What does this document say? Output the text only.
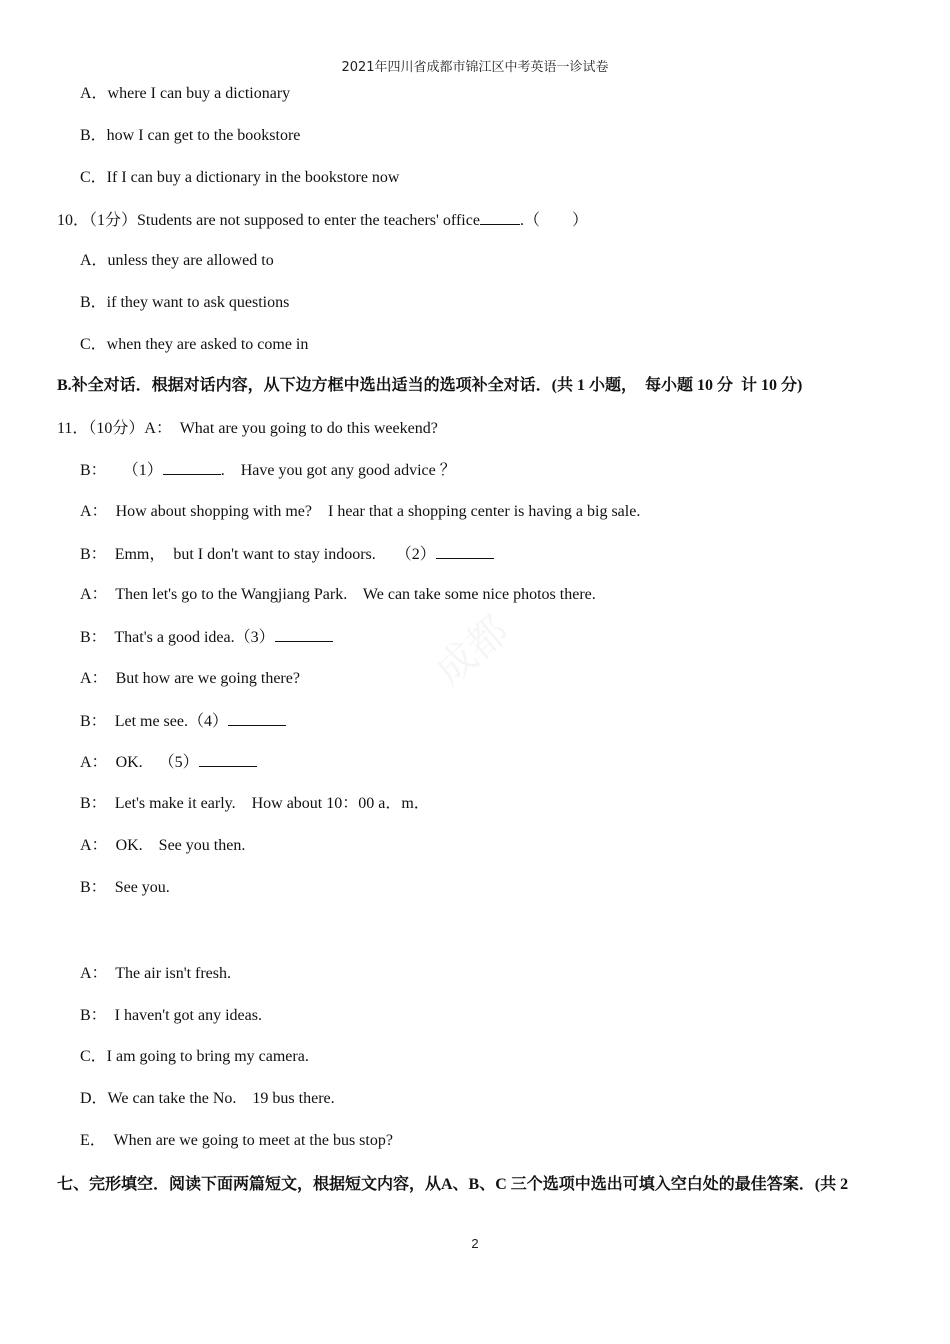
2021年四川省成都市锦江区中考英语一诊试卷
A．where I can buy a dictionary
B．how I can get to the bookstore
C．If I can buy a dictionary in the bookstore now
10．（1分）Students are not supposed to enter the teachers' office	.（　　）
A．unless they are allowed to
B．if they want to ask questions
C．when they are asked to come in
B.补全对话．根据对话内容，从下边方框中选出适当的选项补全对话．(共 1 小题，  每小题 10 分  计 10 分)
11．（10分）A： What are you going to do this weekend?
B： （1）	.    Have you got any good advice ？
A： How about shopping with me?    I hear that a shopping center is having a big sale.
B： Emm，  but I don't want to stay indoors.     （2）
A： Then let's go to the Wangjiang Park.    We can take some nice photos there.
B： That's a good idea.（3）
A： But how are we going there?
B： Let me see.（4）
A： OK.    （5）
B： Let's make it early.    How about 10：00 a．m．
A： OK.    See you then.
B： See you.
A：  The air isn't fresh.
B：  I haven't got any ideas.
C．I am going to bring my camera.
D．We can take the No.    19 bus there.
E．  When are we going to meet at the bus stop?
七、完形填空．阅读下面两篇短文，根据短文内容，从A、B、C 三个选项中选出可填入空白处的最佳答案．(共 2
2
成都
